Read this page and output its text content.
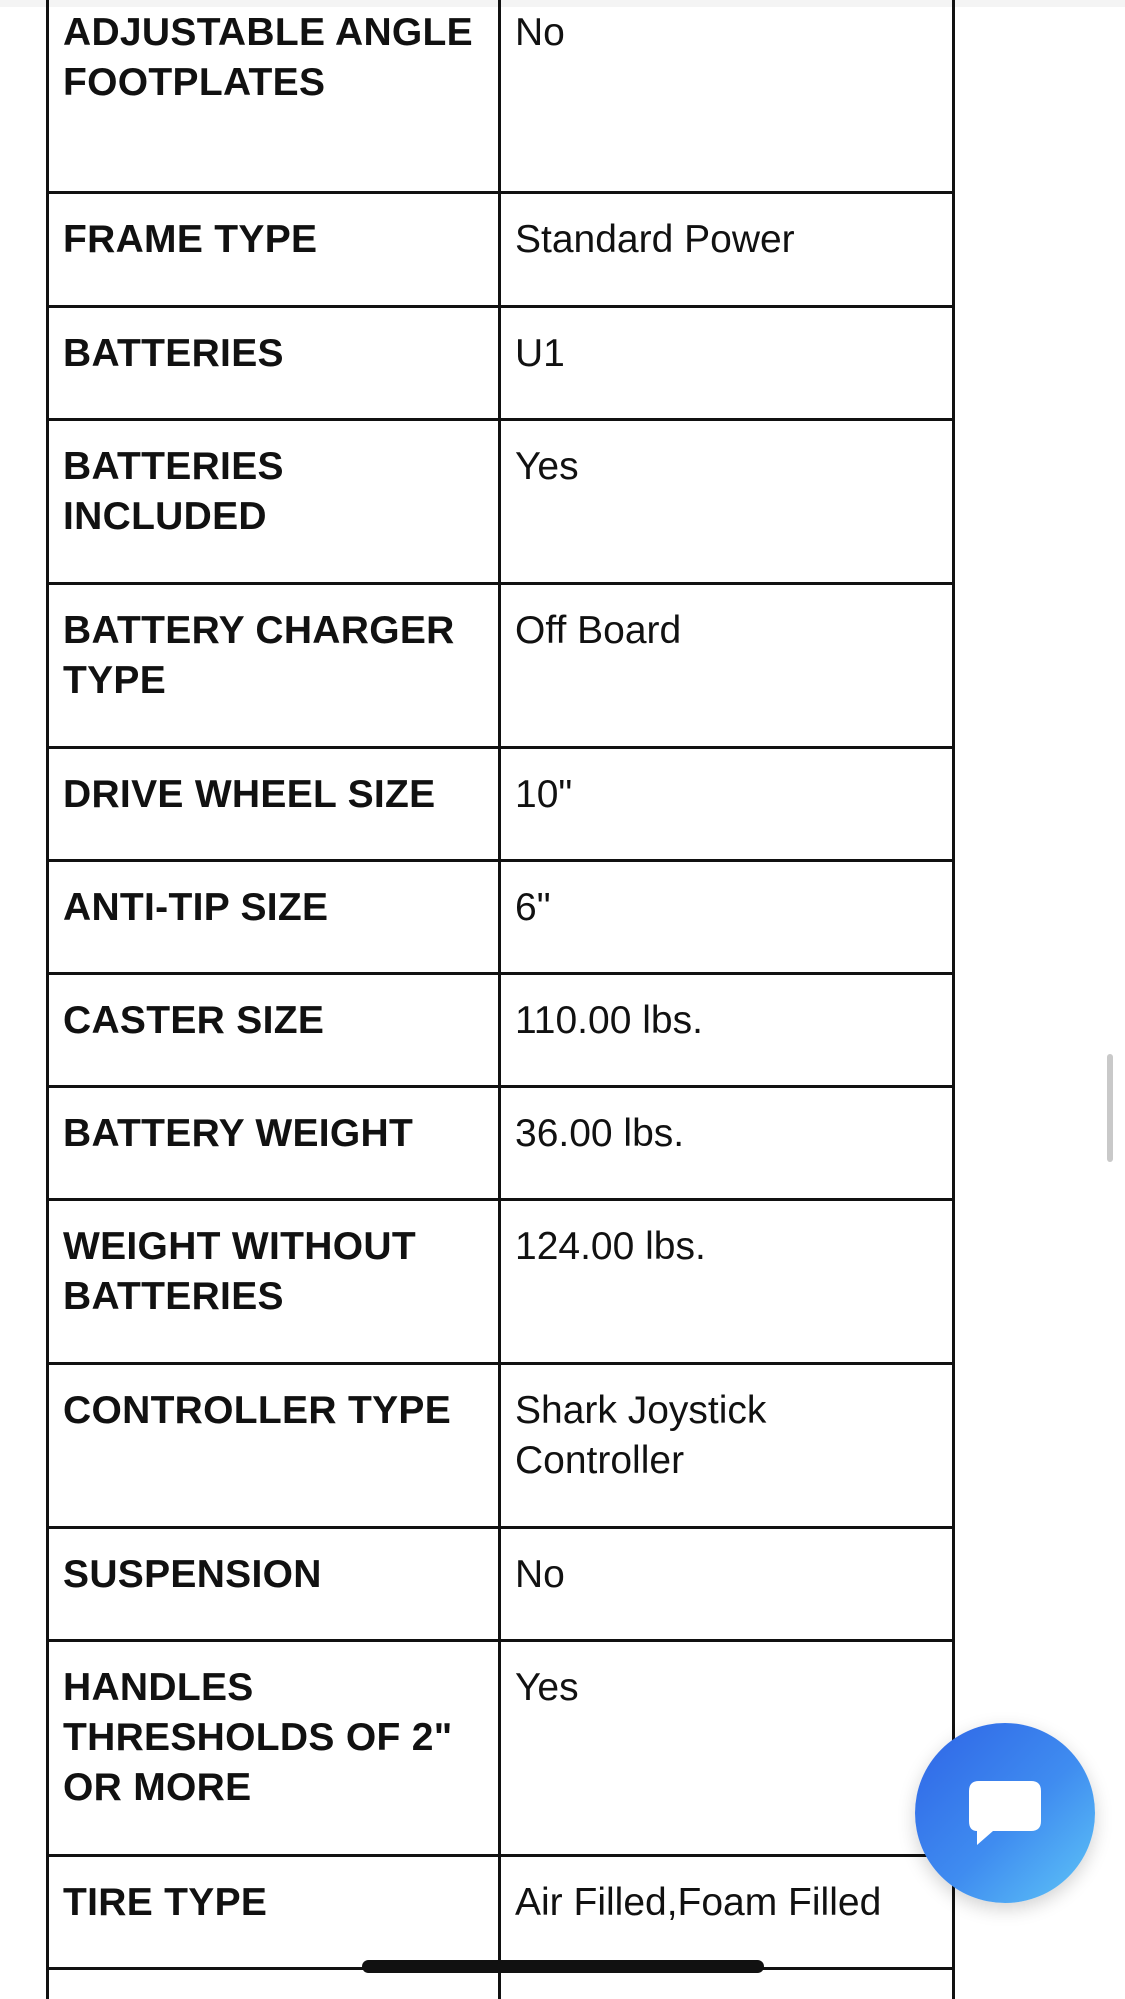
ADJUSTABLE ANGLE FOOTPLATES	No
FRAME TYPE	Standard Power
BATTERIES	U1
BATTERIES INCLUDED	Yes
BATTERY CHARGER TYPE	Off Board
DRIVE WHEEL SIZE	10"
ANTI-TIP SIZE	6"
CASTER SIZE	110.00 lbs.
BATTERY WEIGHT	36.00 lbs.
WEIGHT WITHOUT BATTERIES	124.00 lbs.
CONTROLLER TYPE	Shark Joystick Controller
SUSPENSION	No
HANDLES THRESHOLDS OF 2" OR MORE	Yes
TIRE TYPE	Air Filled,Foam Filled
